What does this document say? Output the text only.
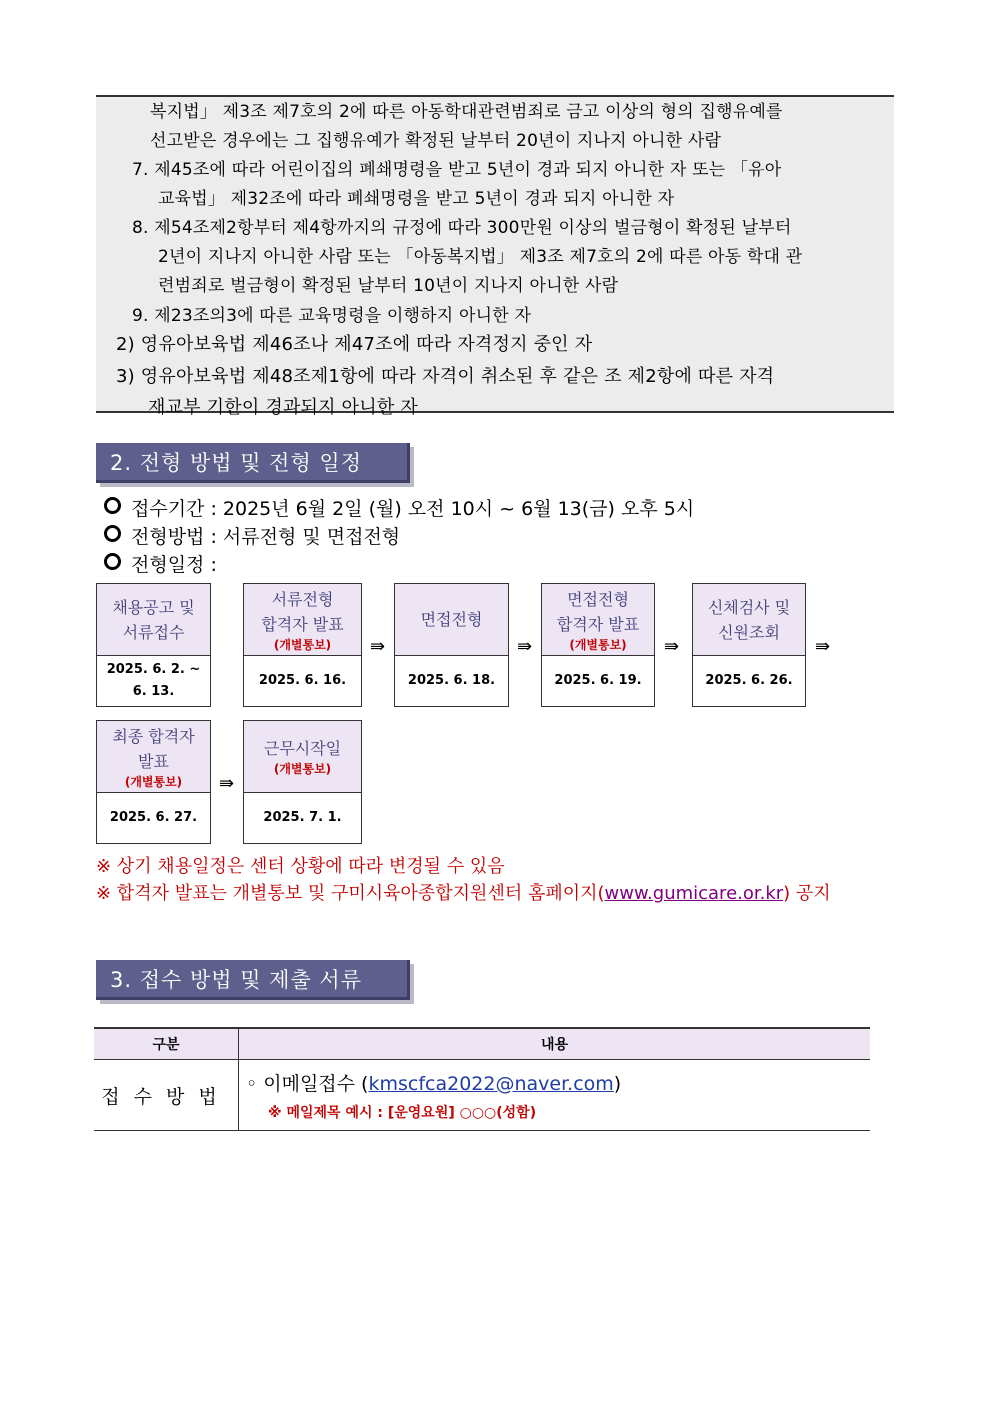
복지법」 제3조 제7호의 2에 따른 아동학대관련범죄로 금고 이상의 형의 집행유예를
선고받은 경우에는 그 집행유예가 확정된 날부터 20년이 지나지 아니한 사람
7. 제45조에 따라 어린이집의 폐쇄명령을 받고 5년이 경과 되지 아니한 자 또는 「유아
교육법」 제32조에 따라 폐쇄명령을 받고 5년이 경과 되지 아니한 자
8. 제54조제2항부터 제4항까지의 규정에 따라 300만원 이상의 벌금형이 확정된 날부터
2년이 지나지 아니한 사람 또는 「아동복지법」 제3조 제7호의 2에 따른 아동 학대 관
련범죄로 벌금형이 확정된 날부터 10년이 지나지 아니한 사람
9. 제23조의3에 따른 교육명령을 이행하지 아니한 자
2) 영유아보육법 제46조나 제47조에 따라 자격정지 중인 자
3) 영유아보육법 제48조제1항에 따라 자격이 취소된 후 같은 조 제2항에 따른 자격
재교부 기한이 경과되지 아니한 자
2. 전형 방법 및 전형 일정
접수기간 : 2025년 6월 2일 (월) 오전 10시 ~ 6월 13(금) 오후 5시
전형방법 : 서류전형 및 면접전형
전형일정 :
채용공고 및
서류접수
2025. 6. 2. ~
6. 13.
서류전형
합격자 발표
(개별통보)
2025. 6. 16.
⇛
면접전형
2025. 6. 18.
⇛
면접전형
합격자 발표
(개별통보)
2025. 6. 19.
⇛
신체검사 및
신원조회
2025. 6. 26.
⇛
최종 합격자
발표
(개별통보)
2025. 6. 27.
⇛
근무시작일
(개별통보)
2025. 7. 1.
※ 상기 채용일정은 센터 상황에 따라 변경될 수 있음
※ 합격자 발표는 개별통보 및 구미시육아종합지원센터 홈페이지(www.gumicare.or.kr) 공지
3. 접수 방법 및 제출 서류
구분	내용
접수방법	◦ 이메일접수 (kmscfca2022@naver.com)
※ 메일제목 예시 : [운영요원] ○○○(성함)
